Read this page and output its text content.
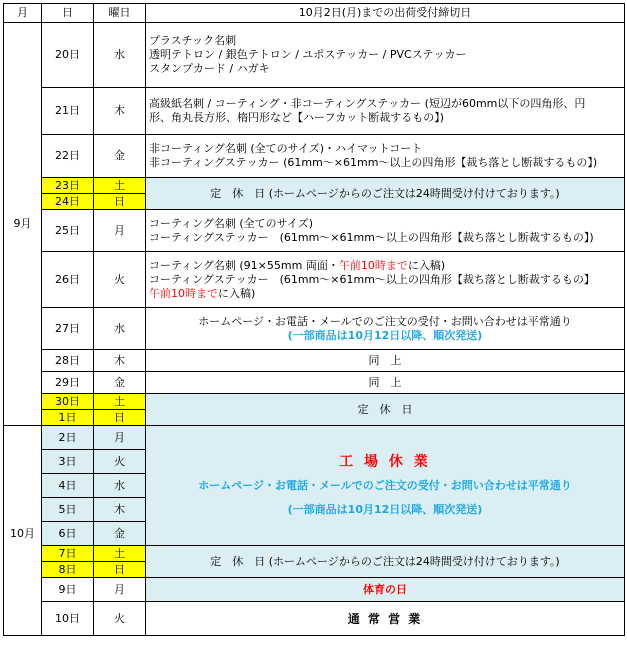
月	日	曜日	10月2日(月)までの出荷受付締切日
9月	20日	水	プラスチック名刺
透明テトロン / 銀色テトロン / ユポステッカー / PVCステッカー
スタンプカード / ハガキ

	21日	木	高級紙名刺 / コーティング・非コーティングステッカー (短辺が60mm以下の四角形、円
形、角丸長方形、楕円形など【ハーフカット断裁するもの】)

	22日	金	非コーティング名刺 (全てのサイズ)・ハイマットコート
非コーティングステッカー (61mm〜×61mm〜以上の四角形【裁ち落とし断裁するもの】)

	23日	土	定　休　日 (ホームページからのご注文は24時間受け付けております。)
	24日	日	
	25日	月	コーティング名刺 (全てのサイズ)
コーティングステッカー　(61mm〜×61mm〜以上の四角形【裁ち落とし断裁するもの】)

	26日	火	コーティング名刺 (91×55mm 両面・午前10時までに入稿)
コーティングステッカー　(61mm〜×61mm〜以上の四角形【裁ち落とし断裁するもの】
午前10時までに入稿)

	27日	水	ホームページ・お電話・メールでのご注文の受付・お問い合わせは平常通り
(一部商品は10月12日以降、順次発送)

	28日	木	同　上
	29日	金	同　上
	30日	土	定　休　日
	1日	日	
10月	2日	月	工 場 休 業
ホームページ・お電話・メールでのご注文の受付・お問い合わせは平常通り
(一部商品は10月12日以降、順次発送)

	3日	火	
	4日	水	
	5日	木	
	6日	金	
	7日	土	定　休　日 (ホームページからのご注文は24時間受け付けております。)
	8日	日	
	9日	月	体育の日
	10日	火	通 常 営 業
